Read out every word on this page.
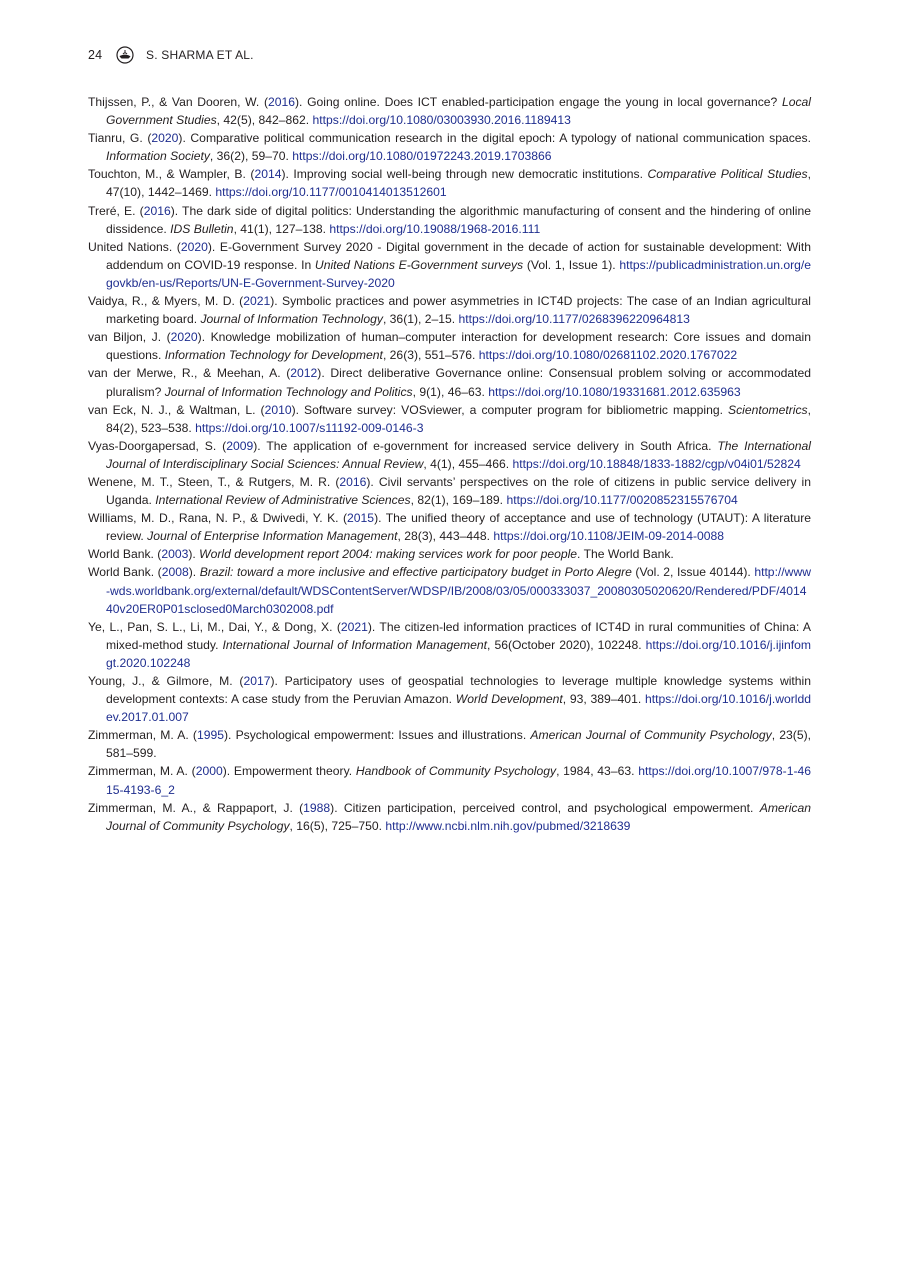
24	S. SHARMA ET AL.
Thijssen, P., & Van Dooren, W. (2016). Going online. Does ICT enabled-participation engage the young in local governance? Local Government Studies, 42(5), 842–862. https://doi.org/10.1080/03003930.2016.1189413
Tianru, G. (2020). Comparative political communication research in the digital epoch: A typology of national communication spaces. Information Society, 36(2), 59–70. https://doi.org/10.1080/01972243.2019.1703866
Touchton, M., & Wampler, B. (2014). Improving social well-being through new democratic institutions. Comparative Political Studies, 47(10), 1442–1469. https://doi.org/10.1177/0010414013512601
Treré, E. (2016). The dark side of digital politics: Understanding the algorithmic manufacturing of consent and the hindering of online dissidence. IDS Bulletin, 41(1), 127–138. https://doi.org/10.19088/1968-2016.111
United Nations. (2020). E-Government Survey 2020 - Digital government in the decade of action for sustainable development: With addendum on COVID-19 response. In United Nations E-Government surveys (Vol. 1, Issue 1). https://publicadministration.un.org/egovkb/en-us/Reports/UN-E-Government-Survey-2020
Vaidya, R., & Myers, M. D. (2021). Symbolic practices and power asymmetries in ICT4D projects: The case of an Indian agricultural marketing board. Journal of Information Technology, 36(1), 2–15. https://doi.org/10.1177/0268396220964813
van Biljon, J. (2020). Knowledge mobilization of human–computer interaction for development research: Core issues and domain questions. Information Technology for Development, 26(3), 551–576. https://doi.org/10.1080/02681102.2020.1767022
van der Merwe, R., & Meehan, A. (2012). Direct deliberative Governance online: Consensual problem solving or accommodated pluralism? Journal of Information Technology and Politics, 9(1), 46–63. https://doi.org/10.1080/19331681.2012.635963
van Eck, N. J., & Waltman, L. (2010). Software survey: VOSviewer, a computer program for bibliometric mapping. Scientometrics, 84(2), 523–538. https://doi.org/10.1007/s11192-009-0146-3
Vyas-Doorgapersad, S. (2009). The application of e-government for increased service delivery in South Africa. The International Journal of Interdisciplinary Social Sciences: Annual Review, 4(1), 455–466. https://doi.org/10.18848/1833-1882/cgp/v04i01/52824
Wenene, M. T., Steen, T., & Rutgers, M. R. (2016). Civil servants’ perspectives on the role of citizens in public service delivery in Uganda. International Review of Administrative Sciences, 82(1), 169–189. https://doi.org/10.1177/0020852315576704
Williams, M. D., Rana, N. P., & Dwivedi, Y. K. (2015). The unified theory of acceptance and use of technology (UTAUT): A literature review. Journal of Enterprise Information Management, 28(3), 443–448. https://doi.org/10.1108/JEIM-09-2014-0088
World Bank. (2003). World development report 2004: making services work for poor people. The World Bank.
World Bank. (2008). Brazil: toward a more inclusive and effective participatory budget in Porto Alegre (Vol. 2, Issue 40144). http://www-wds.worldbank.org/external/default/WDSContentServer/WDSP/IB/2008/03/05/000333037_20080305020620/Rendered/PDF/401440v20ER0P01sclosed0March0302008.pdf
Ye, L., Pan, S. L., Li, M., Dai, Y., & Dong, X. (2021). The citizen-led information practices of ICT4D in rural communities of China: A mixed-method study. International Journal of Information Management, 56(October 2020), 102248. https://doi.org/10.1016/j.ijinfomgt.2020.102248
Young, J., & Gilmore, M. (2017). Participatory uses of geospatial technologies to leverage multiple knowledge systems within development contexts: A case study from the Peruvian Amazon. World Development, 93, 389–401. https://doi.org/10.1016/j.worlddev.2017.01.007
Zimmerman, M. A. (1995). Psychological empowerment: Issues and illustrations. American Journal of Community Psychology, 23(5), 581–599.
Zimmerman, M. A. (2000). Empowerment theory. Handbook of Community Psychology, 1984, 43–63. https://doi.org/10.1007/978-1-4615-4193-6_2
Zimmerman, M. A., & Rappaport, J. (1988). Citizen participation, perceived control, and psychological empowerment. American Journal of Community Psychology, 16(5), 725–750. http://www.ncbi.nlm.nih.gov/pubmed/3218639
